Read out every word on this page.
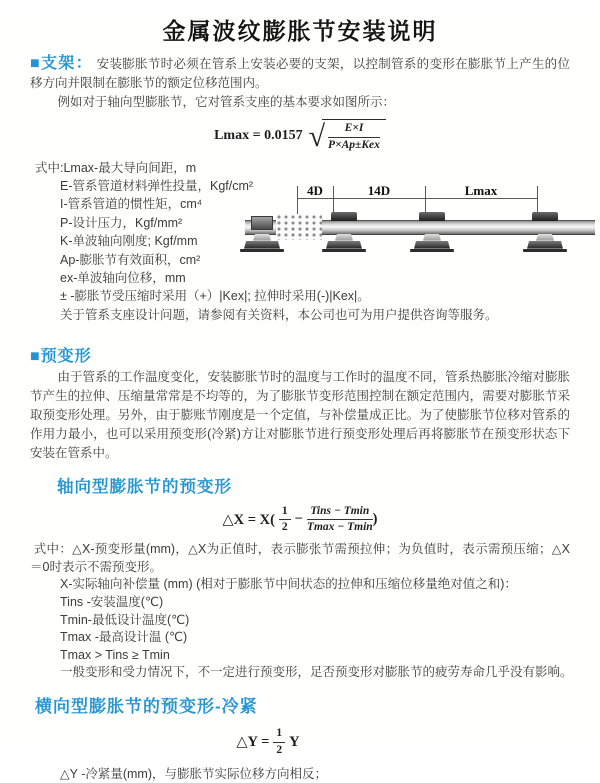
金属波纹膨胀节安装说明

■支架： 安装膨胀节时必须在管系上安装必要的支架，以控制管系的变形在膨胀节上产生的位移方向并限制在膨胀节的额定位移范围内。

例如对于轴向型膨胀节，它对管系支座的基本要求如图所示：

Lmax = 0.0157 √ $\frac{E\times I}{\text{P×Ap±Kex}}$
式中:Lmax-最大导向间距，m
E-管系管道材料弹性投量，Kgf/cm²
I-管系管道的惯性矩，cm⁴
P-设计压力，Kgf/mm²
K-单波轴向刚度; Kgf/mm
Ap-膨胀节有效面积，cm²
ex-单波轴向位移，mm
± -膨胀节受压缩时采用（+）|Kex|; 拉伸时采用(-)|Kex|。
关于管系支座设计问题，请参阅有关资料，本公司也可为用户提供咨询等服务。
4D	14D	Lmax
■预变形

由于管系的工作温度变化，安装膨胀节时的温度与工作时的温度不同，管系热膨胀冷缩对膨胀节产生的拉伸、压缩量常常是不均等的，为了膨胀节变形范围控制在额定范围内，需要对膨胀节采取预变形处理。另外，由于膨账节刚度是一个定值，与补偿量成正比。为了使膨胀节位移对管系的作用力最小，也可以采用预变形(冷紧)方让对膨胀节进行预变形处理后再将膨胀节在预变形状态下安装在管系中。

轴向型膨胀节的预变形
△X = $X( \frac{1}{2} - \frac{\text{Tins − Tmin}}{Tmax - Tmin}$ )

式中：△X-预变形量(mm)，△X为正值时，表示膨张节需预拉伸；为负值时，表示需预压缩；△X＝0时表示不需预变形。

X-实际轴向补偿量 (mm) (相对于膨胀节中间状态的拉伸和压缩位移量绝对值之和)：
Tins -安装温度(℃)
Tmin-最低设计温度(℃)
Tmax -最高设计温 (℃)
Tmax > Tins ≥ Tmin
一般变形和受力情况下，不一定进行预变形，足否预变形对膨胀节的疲劳寿命几乎没有影响。
横向型膨胀节的预变形-冷紧
△Y = $\frac{1}{2}$ Y
△Y -冷紧量(mm)，与膨胀节实际位移方向相反；
